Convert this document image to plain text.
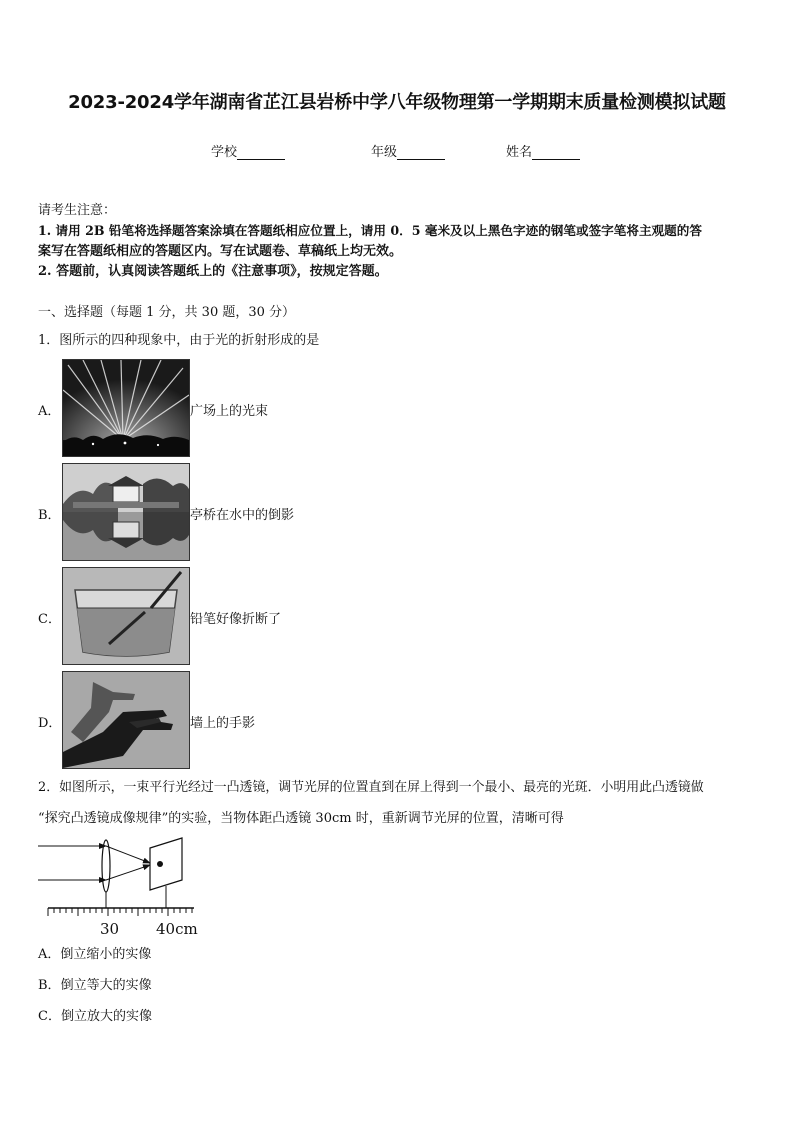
2023-2024学年湖南省芷江县岩桥中学八年级物理第一学期期末质量检测模拟试题
学校	年级	姓名
请考生注意：
1. 请用 2B 铅笔将选择题答案涂填在答题纸相应位置上，请用 0．5 毫米及以上黑色字迹的钢笔或签字笔将主观题的答
案写在答题纸相应的答题区内。写在试题卷、草稿纸上均无效。
2. 答题前，认真阅读答题纸上的《注意事项》，按规定答题。
一、选择题（每题 1 分，共 30 题，30 分）
1．图所示的四种现象中，由于光的折射形成的是
A．	广场上的光束
B．	亭桥在水中的倒影
C．	铅笔好像折断了
D．	墙上的手影
2．如图所示，一束平行光经过一凸透镜，调节光屏的位置直到在屏上得到一个最小、最亮的光斑．小明用此凸透镜做
“探究凸透镜成像规律”的实验，当物体距凸透镜 30cm 时，重新调节光屏的位置，清晰可得
30 40cm
A．倒立缩小的实像
B．倒立等大的实像
C．倒立放大的实像
